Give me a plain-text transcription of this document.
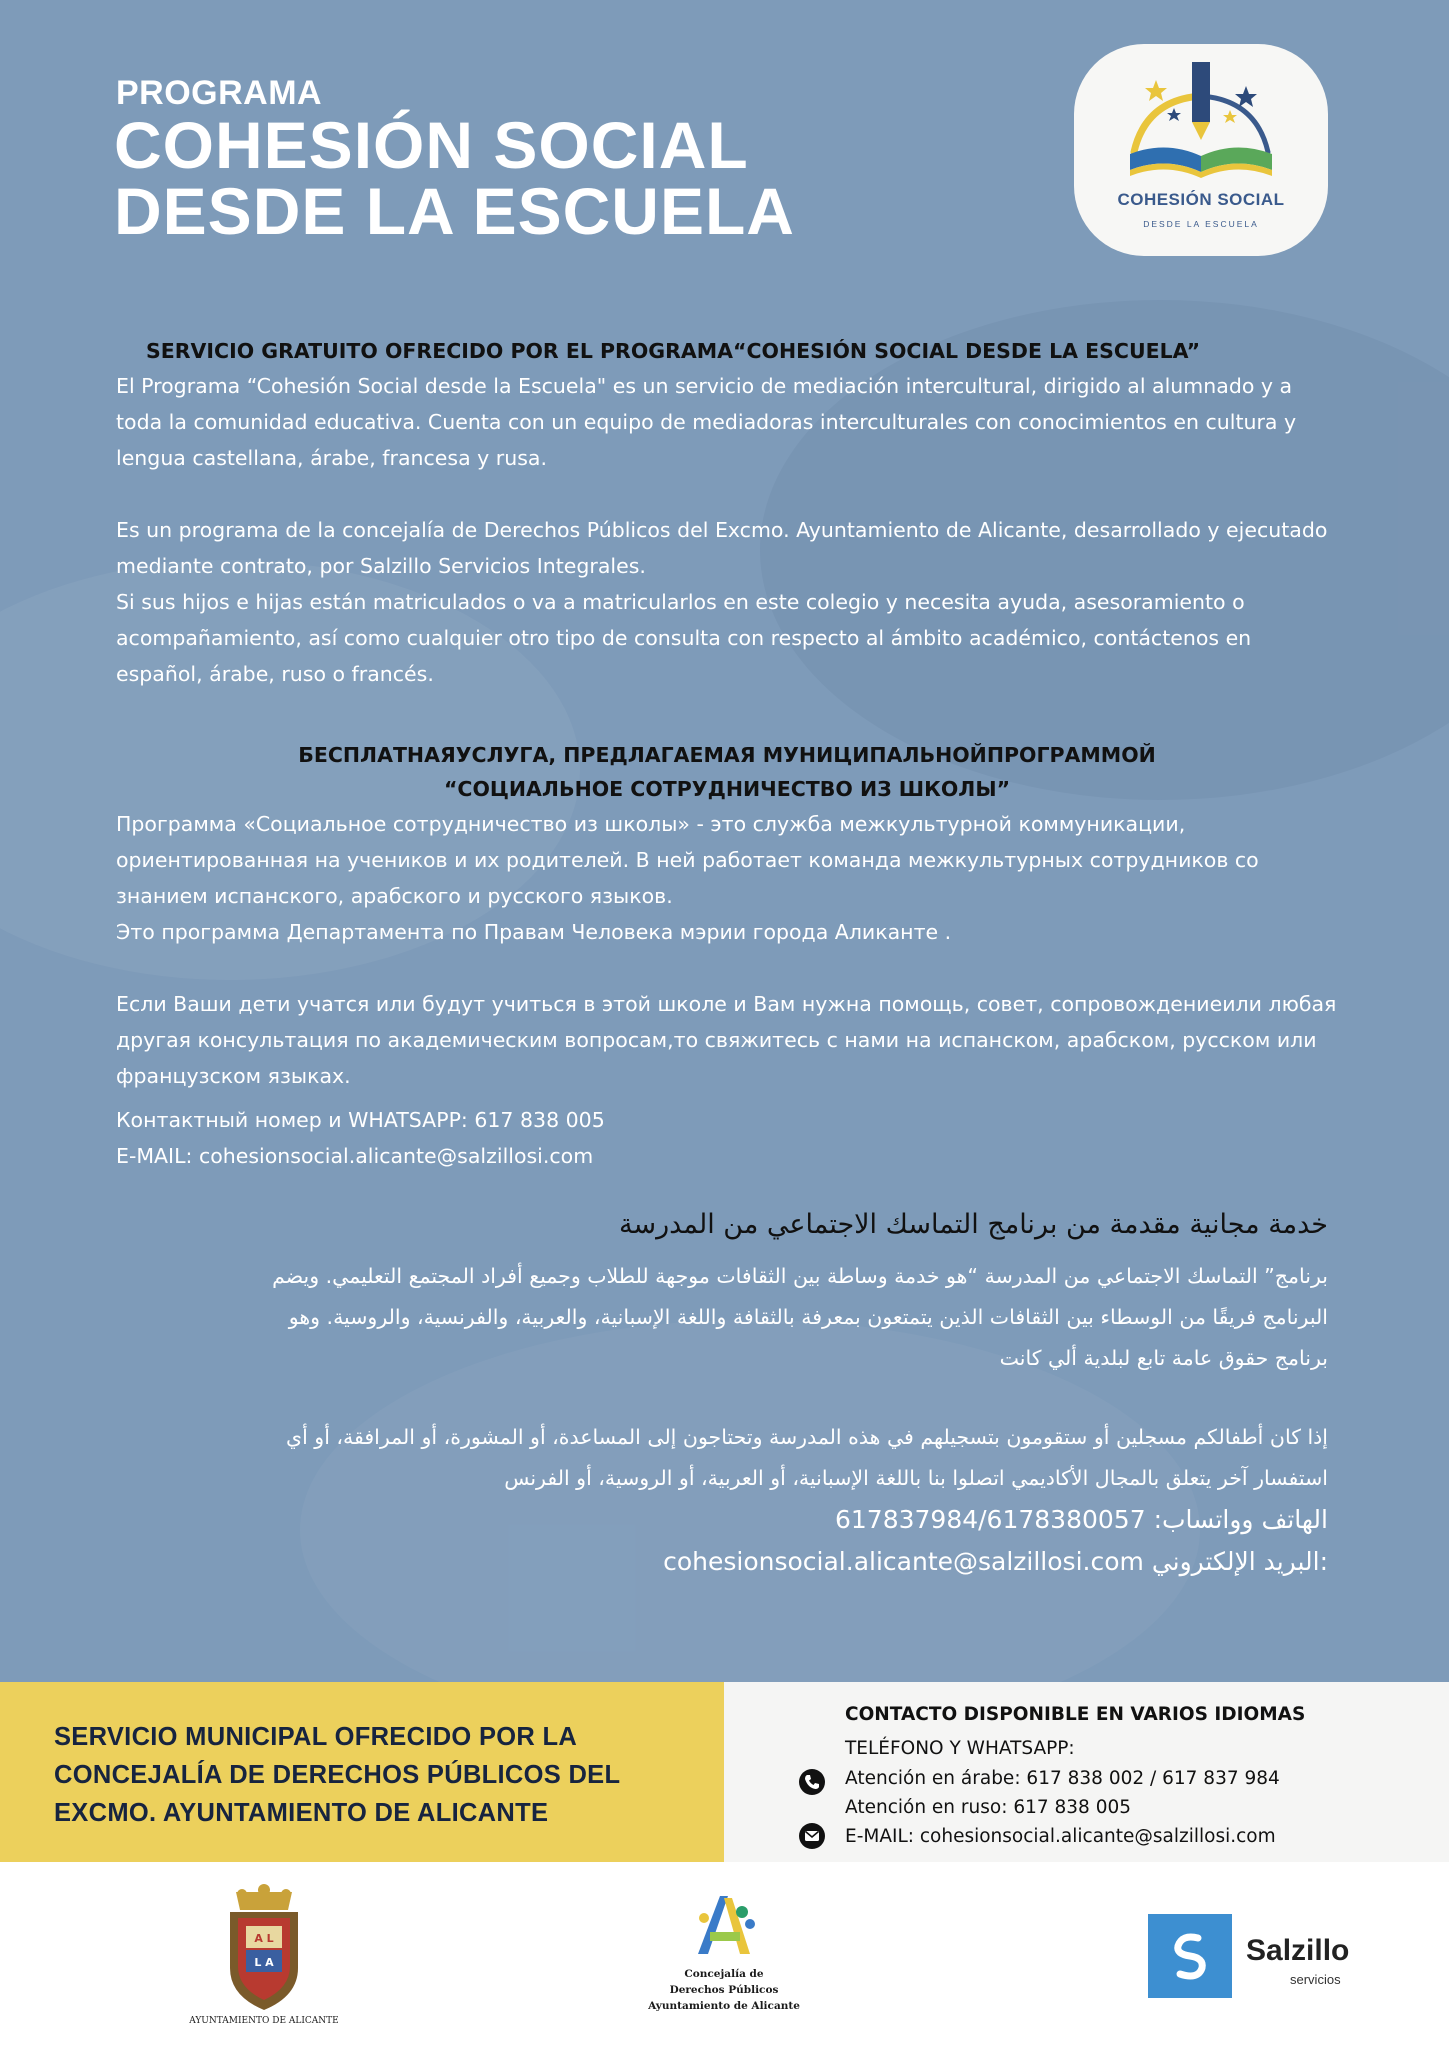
PROGRAMA

COHESIÓN SOCIAL
DESDE LA ESCUELA	COHESIÓN SOCIAL
DESDE LA ESCUELA
SERVICIO GRATUITO OFRECIDO POR EL PROGRAMA“COHESIÓN SOCIAL DESDE LA ESCUELA”

El Programa “Cohesión Social desde la Escuela" es un servicio de mediación intercultural, dirigido al alumnado y a toda la comunidad educativa. Cuenta con un equipo de mediadoras interculturales con conocimientos en cultura y lengua castellana, árabe, francesa y rusa.

Es un programa de la concejalía de Derechos Públicos del Excmo. Ayuntamiento de Alicante, desarrollado y ejecutado mediante contrato, por Salzillo Servicios Integrales.

Si sus hijos e hijas están matriculados o va a matricularlos en este colegio y necesita ayuda, asesoramiento o acompañamiento, así como cualquier otro tipo de consulta con respecto al ámbito académico, contáctenos en español, árabe, ruso o francés.

БЕСПЛАТНАЯУСЛУГА, ПРЕДЛАГАЕМАЯ МУНИЦИПАЛЬНОЙПРОГРАММОЙ
“СОЦИАЛЬНОЕ СОТРУДНИЧЕСТВО ИЗ ШКОЛЫ”

Программа «Социальное сотрудничество из школы» - это служба межкультурной коммуникации, ориентированная на учеников и их родителей. В ней работает команда межкультурных сотрудников со знанием испанского, арабского и русского языков.

Это программа Департамента по Правам Человека мэрии города Аликанте .

Если Ваши дети учатся или будут учиться в этой школе и Вам нужна помощь, совет, сопровождениеили любая другая консультация по академическим вопросам,то свяжитесь с нами на испанском, арабском, русском или французском языках.

Контактный номер и WHATSAPP: 617 838 005

E-MAIL: cohesionsocial.alicante@salzillosi.com

خدمة مجانية مقدمة من برنامج التماسك الاجتماعي من المدرسة

برنامج” التماسك الاجتماعي من المدرسة “هو خدمة وساطة بين الثقافات موجهة للطلاب وجميع أفراد المجتمع التعليمي. ويضم البرنامج فريقًا من الوسطاء بين الثقافات الذين يتمتعون بمعرفة بالثقافة واللغة الإسبانية، والعربية، والفرنسية، والروسية. وهو برنامج حقوق عامة تابع لبلدية ألي كانت

إذا كان أطفالكم مسجلين أو ستقومون بتسجيلهم في هذه المدرسة وتحتاجون إلى المساعدة، أو المشورة، أو المرافقة، أو أي استفسار آخر يتعلق بالمجال الأكاديمي اتصلوا بنا باللغة الإسبانية، أو العربية، أو الروسية، أو الفرنس

الهاتف وواتساب: 617837984/6178380057

:البريد الإلكتروني cohesionsocial.alicante@salzillosi.com

SERVICIO MUNICIPAL OFRECIDO POR LA
CONCEJALÍA DE DERECHOS PÚBLICOS DEL
EXCMO. AYUNTAMIENTO DE ALICANTE

CONTACTO DISPONIBLE EN VARIOS IDIOMAS
TELÉFONO Y WHATSAPP:
Atención en árabe: 617 838 002 / 617 837 984
Atención en ruso: 617 838 005
E-MAIL: cohesionsocial.alicante@salzillosi.com
A L
L A

AYUNTAMIENTO DE ALICANTE

Concejalía de
Derechos Públicos
Ayuntamiento de Alicante

Salzillo

servicios
